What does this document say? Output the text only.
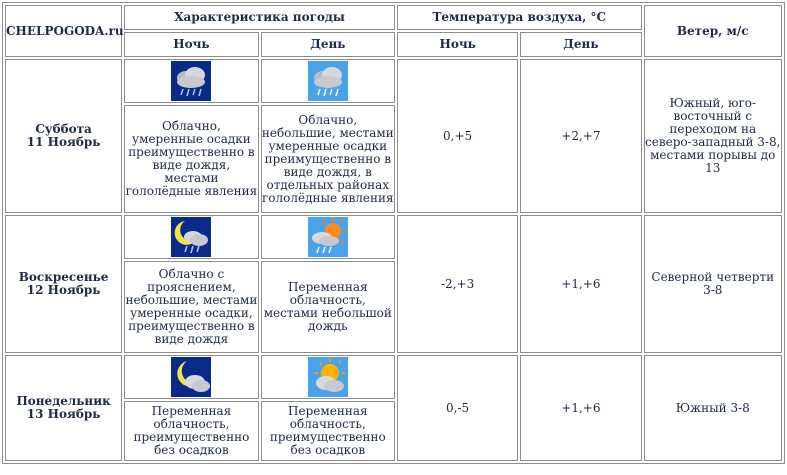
CHELPOGODA.ru	Характеристика погоды		Температура воздуха, °C		Ветер, м/с
	Ночь	День	Ночь	День	
Суббота
11 Ноябрь			0,+5	+2,+7	Южный, юго-восточный с переходом на северо-западный 3-8, местами порывы до 13
	Облачно, умеренные осадки преимущественно в виде дождя, местами гололёдные явления	Облачно, небольшие, местами умеренные осадки преимущественно в виде дождя, в отдельных районах гололёдные явления			
Воскресенье
12 Ноябрь			-2,+3	+1,+6	Северной четверти 3-8
	Облачно с прояснением, небольшие, местами умеренные осадки, преимущественно в виде дождя	Переменная облачность, местами небольшой дождь			
Понедельник
13 Ноябрь			0,-5	+1,+6	Южный 3-8
	Переменная облачность, преимущественно без осадков	Переменная облачность, преимущественно без осадков			
